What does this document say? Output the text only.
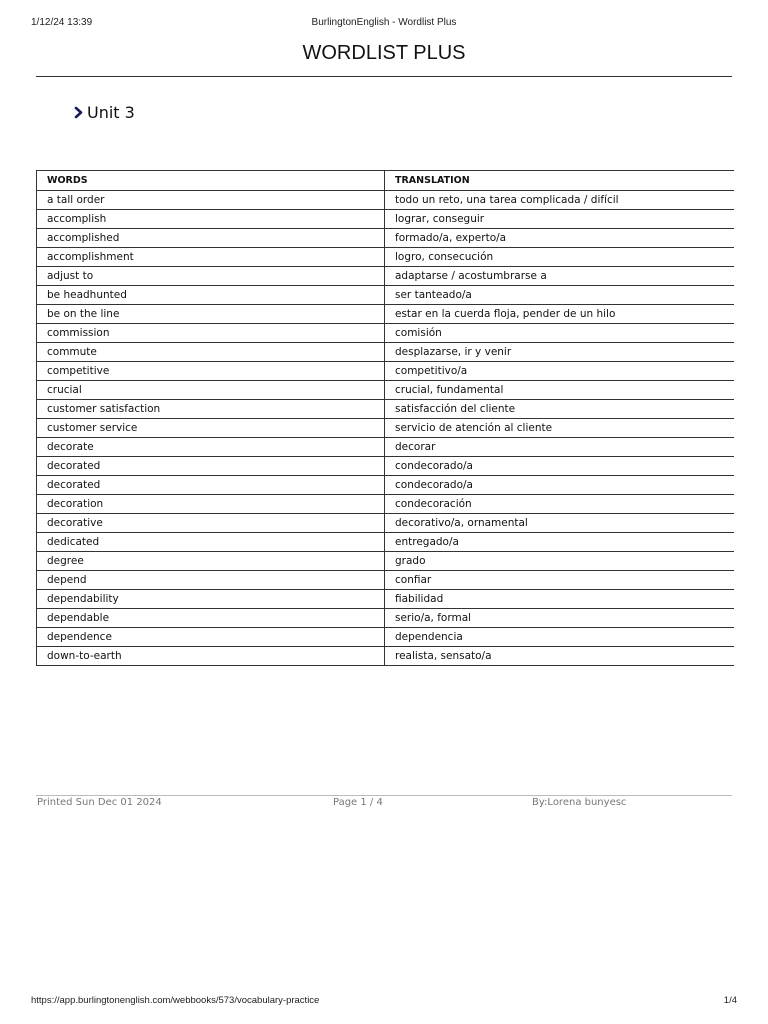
1/12/24 13:39	BurlingtonEnglish - Wordlist Plus
WORDLIST PLUS
Unit 3
WORDS	TRANSLATION
a tall order	todo un reto, una tarea complicada / difícil
accomplish	lograr, conseguir
accomplished	formado/a, experto/a
accomplishment	logro, consecución
adjust to	adaptarse / acostumbrarse a
be headhunted	ser tanteado/a
be on the line	estar en la cuerda floja, pender de un hilo
commission	comisión
commute	desplazarse, ir y venir
competitive	competitivo/a
crucial	crucial, fundamental
customer satisfaction	satisfacción del cliente
customer service	servicio de atención al cliente
decorate	decorar
decorated	condecorado/a
decorated	condecorado/a
decoration	condecoración
decorative	decorativo/a, ornamental
dedicated	entregado/a
degree	grado
depend	confiar
dependability	fiabilidad
dependable	serio/a, formal
dependence	dependencia
down-to-earth	realista, sensato/a
Printed Sun Dec 01 2024	Page 1 / 4	By:Lorena bunyesc
https://app.burlingtonenglish.com/webbooks/573/vocabulary-practice	1/4
